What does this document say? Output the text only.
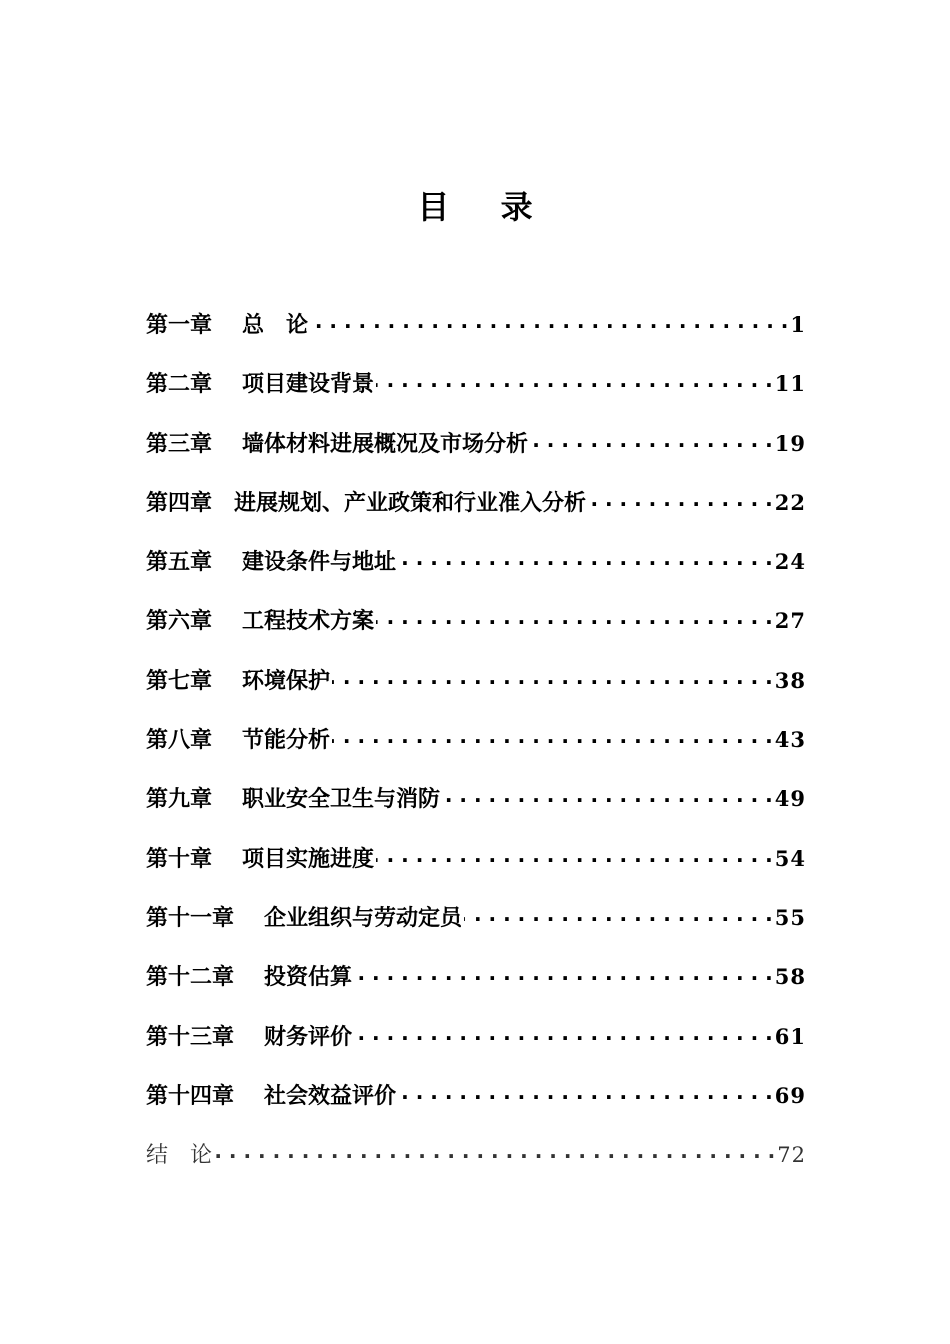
目 录
第一章 总　论 . . .	1
第二章 项目建设背景 . . .	11
第三章 墙体材料进展概况及市场分析 . . .	19
第四章 进展规划、产业政策和行业准入分析 . . .	22
第五章 建设条件与地址 . . .	24
第六章 工程技术方案 . . .	27
第七章 环境保护 . . .	38
第八章 节能分析 . . .	43
第九章 职业安全卫生与消防 . . .	49
第十章 项目实施进度 . . .	54
第十一章 企业组织与劳动定员 . . .	55
第十二章 投资估算 . . .	58
第十三章 财务评价 . . .	61
第十四章 社会效益评价 . . .	69
结　论 . . .	72
